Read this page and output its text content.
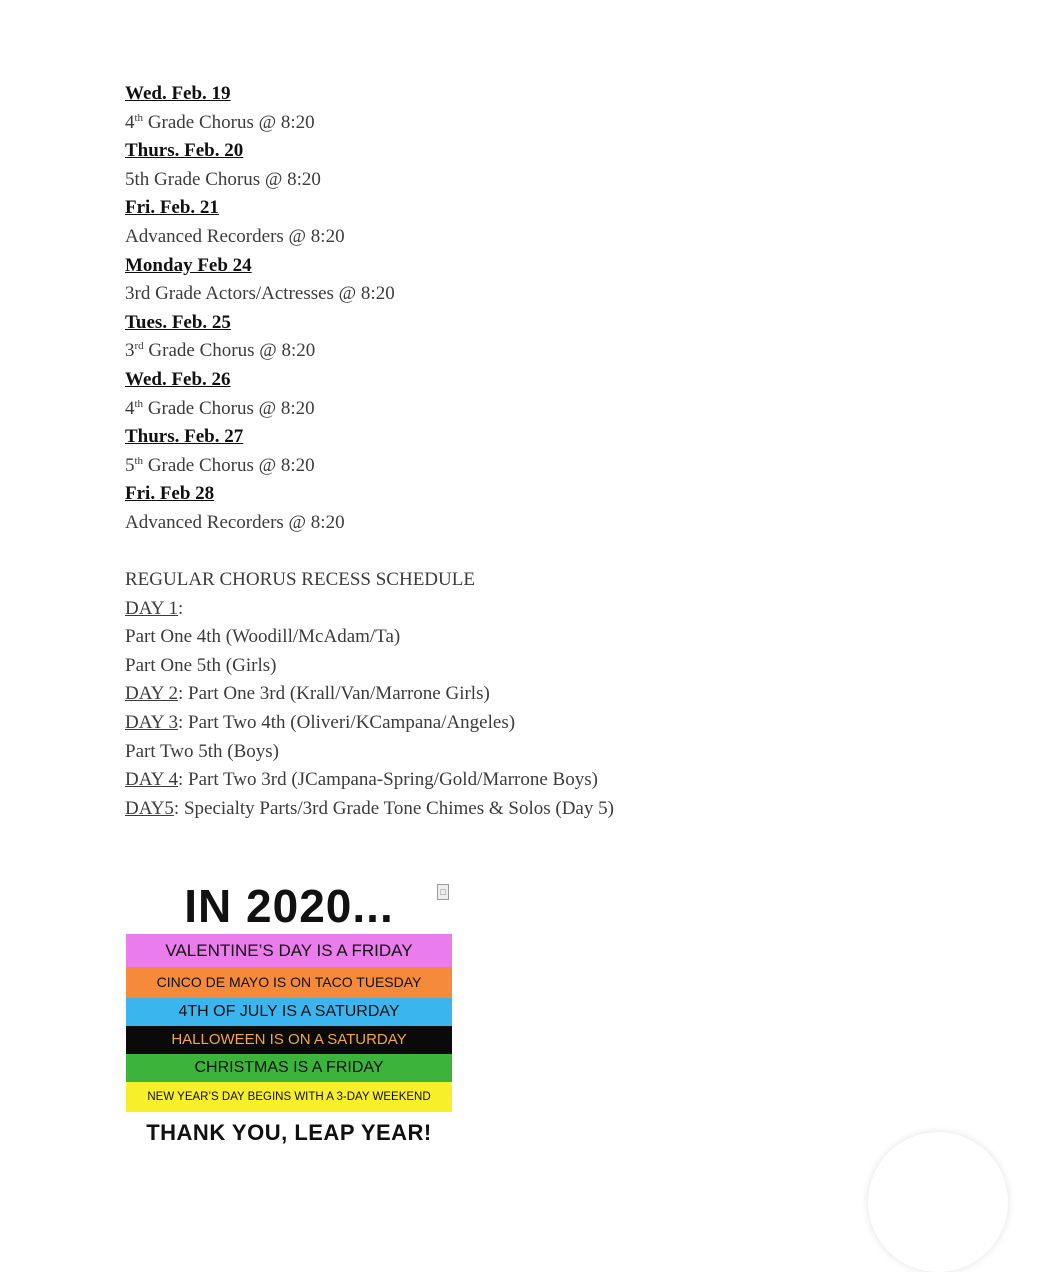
Wed. Feb. 19
4th Grade Chorus @ 8:20
Thurs. Feb. 20
5th Grade Chorus @ 8:20
Fri. Feb. 21
Advanced Recorders @ 8:20
Monday Feb 24
3rd Grade Actors/Actresses @ 8:20
Tues. Feb. 25
3rd Grade Chorus @ 8:20
Wed. Feb. 26
4th Grade Chorus @ 8:20
Thurs. Feb. 27
5th Grade Chorus @ 8:20
Fri. Feb 28
Advanced Recorders @ 8:20
REGULAR CHORUS RECESS SCHEDULE
DAY 1:
Part One 4th (Woodill/McAdam/Ta)
Part One 5th (Girls)
DAY 2: Part One 3rd (Krall/Van/Marrone Girls)
DAY 3: Part Two 4th (Oliveri/KCampana/Angeles)
Part Two 5th (Boys)
DAY 4: Part Two 3rd (JCampana-Spring/Gold/Marrone Boys)
DAY5: Specialty Parts/3rd Grade Tone Chimes & Solos (Day 5)
IN 2020...	□
VALENTINE’S DAY IS A FRIDAY
CINCO DE MAYO IS ON TACO TUESDAY
4TH OF JULY IS A SATURDAY
HALLOWEEN IS ON A SATURDAY
CHRISTMAS IS A FRIDAY
NEW YEAR’S DAY BEGINS WITH A 3-DAY WEEKEND
THANK YOU, LEAP YEAR!
